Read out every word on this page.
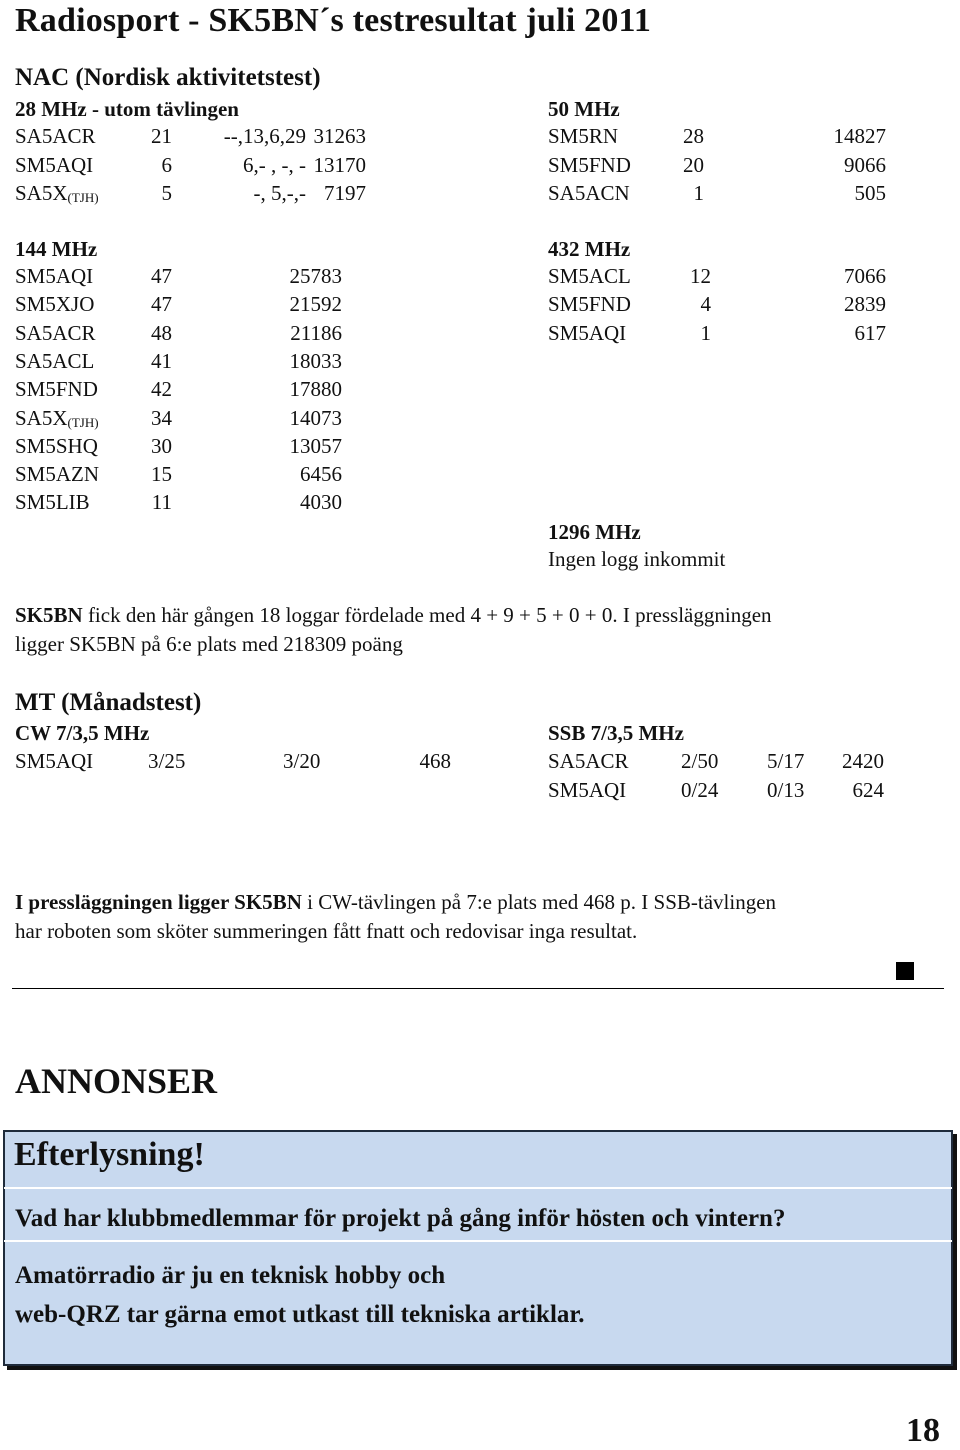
Radiosport - SK5BN´s testresultat juli 2011
NAC (Nordisk aktivitetstest)
28 MHz - utom tävlingen
SA5ACR	21	--,13,6,29 31263
SM5AQI	6	6,- , -, - 13170
SA5X(TJH)	5	-, 5,-,- 7197
50 MHz
SM5RN	28	14827
SM5FND	20	9066
SA5ACN	1	505
144 MHz
SM5AQI	47	25783
SM5XJO	47	21592
SA5ACR	48	21186
SA5ACL	41	18033
SM5FND	42	17880
SA5X(TJH)	34	14073
SM5SHQ	30	13057
SM5AZN	15	6456
SM5LIB	11	4030
432 MHz
SM5ACL	12	7066
SM5FND	4	2839
SM5AQI	1	617
1296 MHz
Ingen logg inkommit
SK5BN fick den här gången 18 loggar fördelade med 4 + 9 + 5 + 0 + 0. I pressläggningen
ligger SK5BN på 6:e plats med 218309 poäng
MT (Månadstest)
CW 7/3,5 MHz
SM5AQI	3/25	3/20	468
SSB 7/3,5 MHz
SA5ACR 2/50 5/17	2420
SM5AQI	0/24 0/13	624
I pressläggningen ligger SK5BN i CW-tävlingen på 7:e plats med 468 p. I SSB-tävlingen
har roboten som sköter summeringen fått fnatt och redovisar inga resultat.
ANNONSER
Efterlysning!
Vad har klubbmedlemmar för projekt på gång inför hösten och vintern?
Amatörradio är ju en teknisk hobby och
web-QRZ tar gärna emot utkast till tekniska artiklar.
18
